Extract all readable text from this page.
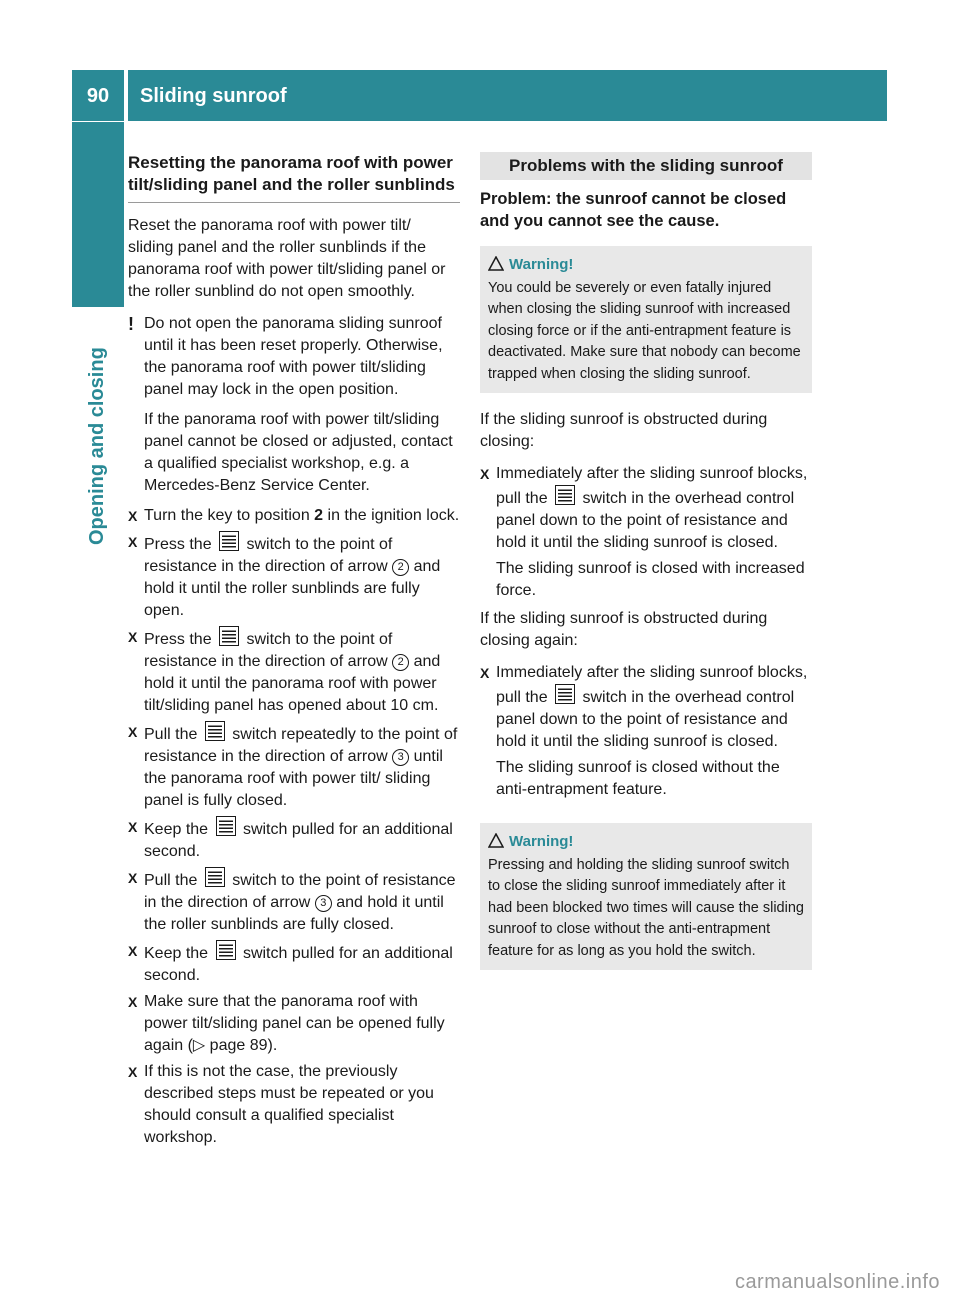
90	Sliding sunroof
Opening and closing
Resetting the panorama roof with power tilt/sliding panel and the roller sunblinds

Reset the panorama roof with power tilt/ sliding panel and the roller sunblinds if the panorama roof with power tilt/sliding panel or the roller sunblind do not open smoothly.

! Do not open the panorama sliding sunroof until it has been reset properly. Otherwise, the panorama roof with power tilt/sliding panel may lock in the open position.

If the panorama roof with power tilt/sliding panel cannot be closed or adjusted, contact a qualified specialist workshop, e.g. a Mercedes-Benz Service Center.

X Turn the key to position 2 in the ignition lock.
X Press the  switch to the point of resistance in the direction of arrow 2 and hold it until the roller sunblinds are fully open.
X Press the  switch to the point of resistance in the direction of arrow 2 and hold it until the panorama roof with power tilt/sliding panel has opened about 10 cm.
X Pull the  switch repeatedly to the point of resistance in the direction of arrow 3 until the panorama roof with power tilt/ sliding panel is fully closed.
X Keep the  switch pulled for an additional second.
X Pull the  switch to the point of resistance in the direction of arrow 3 and hold it until the roller sunblinds are fully closed.
X Keep the  switch pulled for an additional second.
X Make sure that the panorama roof with power tilt/sliding panel can be opened fully again (▷ page 89).
X If this is not the case, the previously described steps must be repeated or you should consult a qualified specialist workshop.
Problems with the sliding sunroof

Problem: the sunroof cannot be closed and you cannot see the cause.

Warning!
You could be severely or even fatally injured when closing the sliding sunroof with increased closing force or if the anti-entrapment feature is deactivated. Make sure that nobody can become trapped when closing the sliding sunroof.

If the sliding sunroof is obstructed during closing:

X Immediately after the sliding sunroof blocks, pull the  switch in the overhead control panel down to the point of resistance and hold it until the sliding sunroof is closed.

The sliding sunroof is closed with increased force.

If the sliding sunroof is obstructed during closing again:

X Immediately after the sliding sunroof blocks, pull the  switch in the overhead control panel down to the point of resistance and hold it until the sliding sunroof is closed.

The sliding sunroof is closed without the anti-entrapment feature.

Warning!
Pressing and holding the sliding sunroof switch to close the sliding sunroof immediately after it had been blocked two times will cause the sliding sunroof to close without the anti-entrapment feature for as long as you hold the switch.
carmanualsonline.info
